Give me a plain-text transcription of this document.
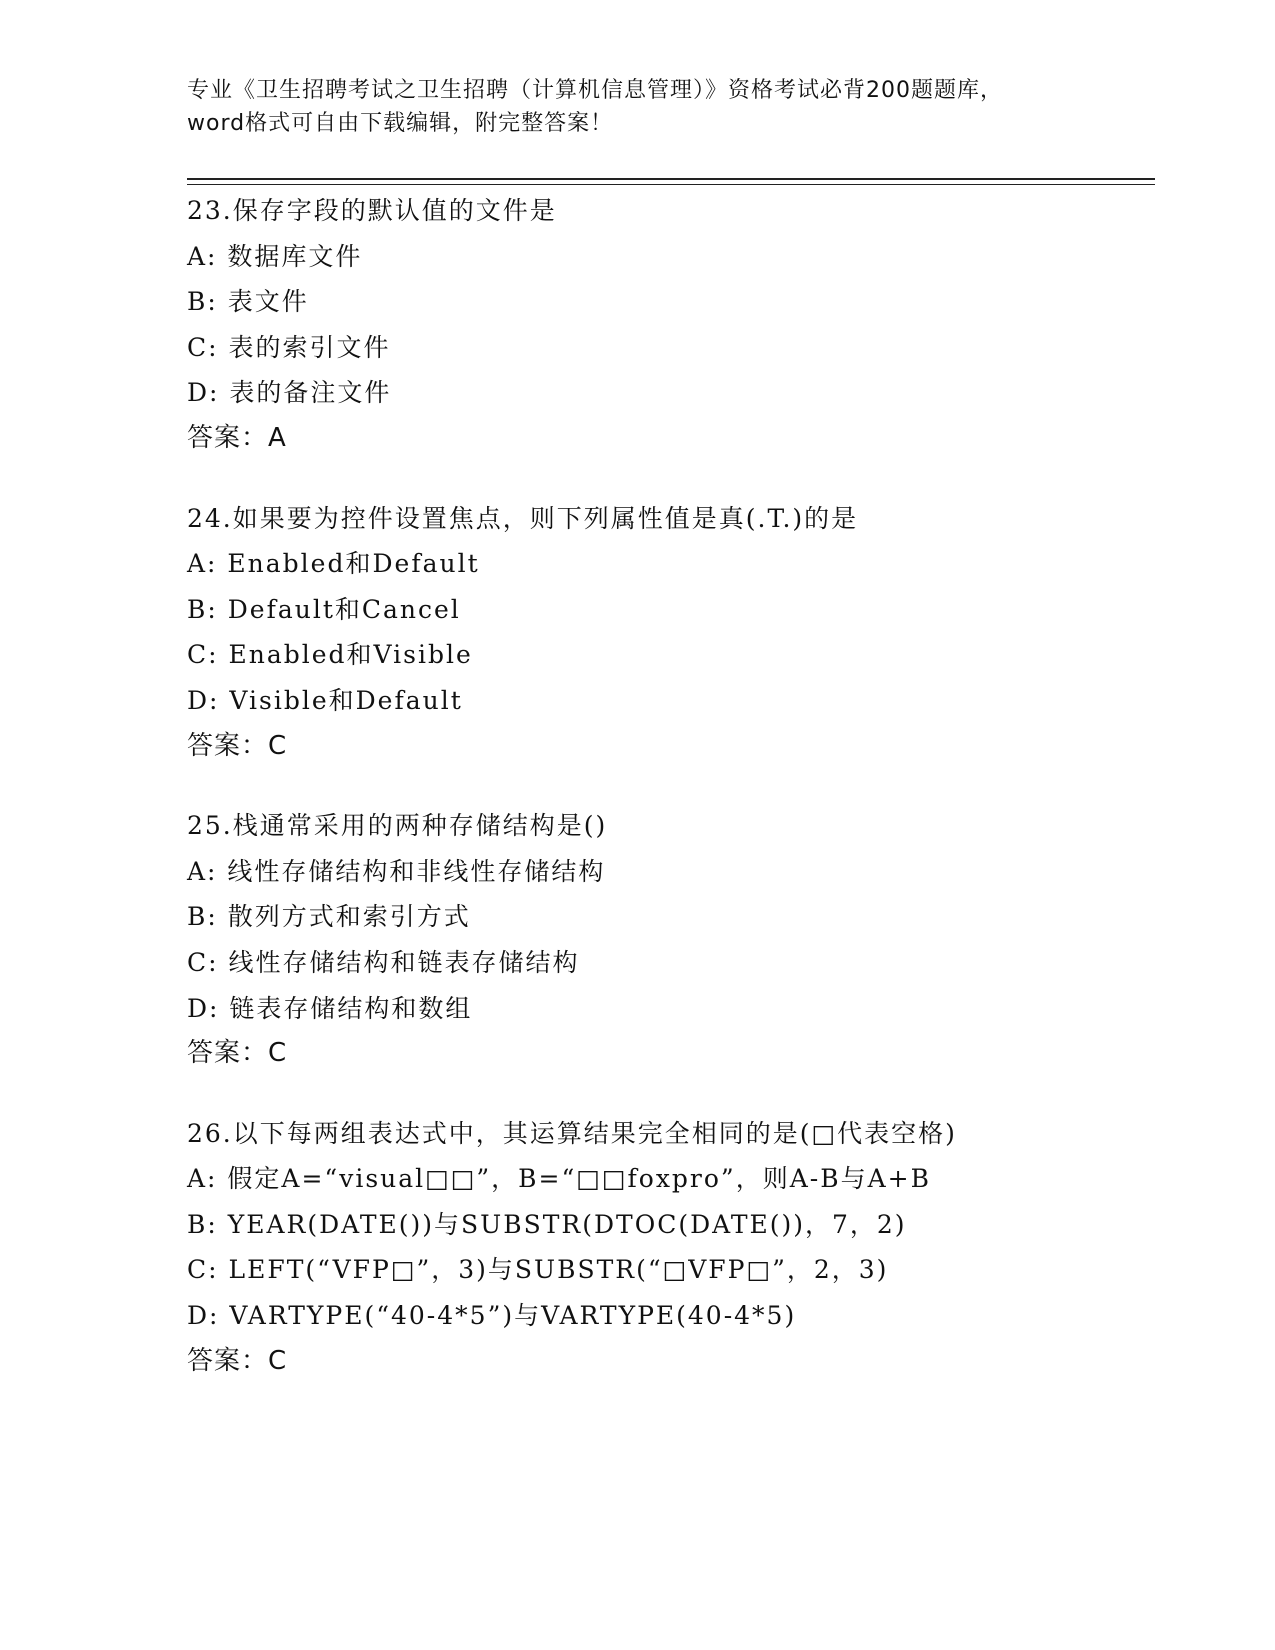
专业《卫生招聘考试之卫生招聘（计算机信息管理）》资格考试必背200题题库，
word格式可自由下载编辑，附完整答案！
23.保存字段的默认值的文件是
A: 数据库文件
B: 表文件
C: 表的索引文件
D: 表的备注文件
答案：A
24.如果要为控件设置焦点，则下列属性值是真(.T.)的是
A: Enabled和Default
B: Default和Cancel
C: Enabled和Visible
D: Visible和Default
答案：C
25.栈通常采用的两种存储结构是()
A: 线性存储结构和非线性存储结构
B: 散列方式和索引方式
C: 线性存储结构和链表存储结构
D: 链表存储结构和数组
答案：C
26.以下每两组表达式中，其运算结果完全相同的是(□代表空格)
A: 假定A=“visual□□”，B=“□□foxpro”，则A-B与A+B
B: YEAR(DATE())与SUBSTR(DTOC(DATE())，7，2)
C: LEFT(“VFP□”，3)与SUBSTR(“□VFP□”，2，3)
D: VARTYPE(“40-4*5”)与VARTYPE(40-4*5)
答案：C
